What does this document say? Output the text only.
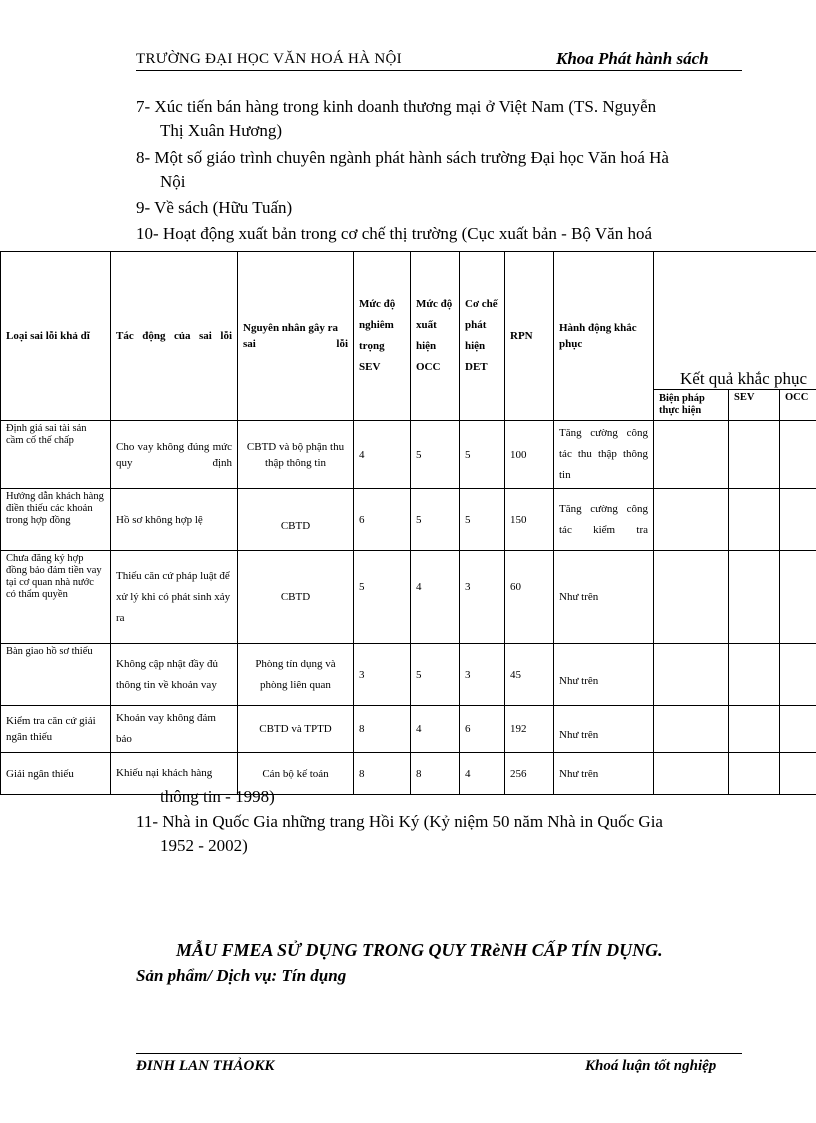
TRƯỜNG ĐẠI HỌC VĂN HOÁ HÀ NỘI	Khoa Phát hành sách
7- Xúc tiến bán hàng trong kinh doanh thương mại ở Việt Nam (TS. Nguyễn
Thị Xuân Hương)
8- Một số giáo trình chuyên ngành phát hành sách trường Đại học Văn hoá Hà
Nội
9- Về sách (Hữu Tuấn)
10- Hoạt động xuất bản trong cơ chế thị trường (Cục xuất bản - Bộ Văn hoá
Loại sai lỗi khả dĩ	Tác động của sai lỗi	Nguyên nhân gây ra sai lỗi	Mức độ nghiêm trọng SEV	Mức độ xuất hiện OCC	Cơ chế phát hiện DET	RPN	Hành động khắc phục	Kết quả khắc phục		
								Biện pháp thực hiện	SEV	OCC
Định giá sai tài sản cầm cố thế chấp	Cho vay không đúng mức quy định	CBTD và bộ phận thu thập thông tin	4	5	5	100	Tăng cường công tác thu thập thông tin			
Hướng dẫn khách hàng điền thiếu các khoản trong hợp đồng	Hồ sơ không hợp lệ	CBTD	6	5	5	150	Tăng cường công tác kiểm tra			
Chưa đăng ký hợp đồng bảo đảm tiền vay tại cơ quan nhà nước có thẩm quyền	Thiếu căn cứ pháp luật để xử lý khi có phát sinh xảy ra	CBTD	5	4	3	60	Như trên			
Bàn giao hồ sơ thiếu	Không cập nhật đầy đủ thông tin về khoản vay	Phòng tín dụng và phòng liên quan	3	5	3	45	Như trên			
Kiểm tra căn cứ giải ngân thiếu	Khoản vay không đảm bảo	CBTD và TPTD	8	4	6	192	Như trên			
Giải ngân thiếu	Khiếu nại khách hàng	Cán bộ kế toán	8	8	4	256	Như trên			
thông tin - 1998)
11- Nhà in Quốc Gia những trang Hồi Ký (Kỷ niệm 50 năm Nhà in Quốc Gia
1952 - 2002)
MẪU FMEA SỬ DỤNG TRONG QUY TRèNH CẤP TÍN DỤNG.
Sản phẩm/ Dịch vụ: Tín dụng
ĐINH LAN THẢOKK	Khoá luận tốt nghiệp
